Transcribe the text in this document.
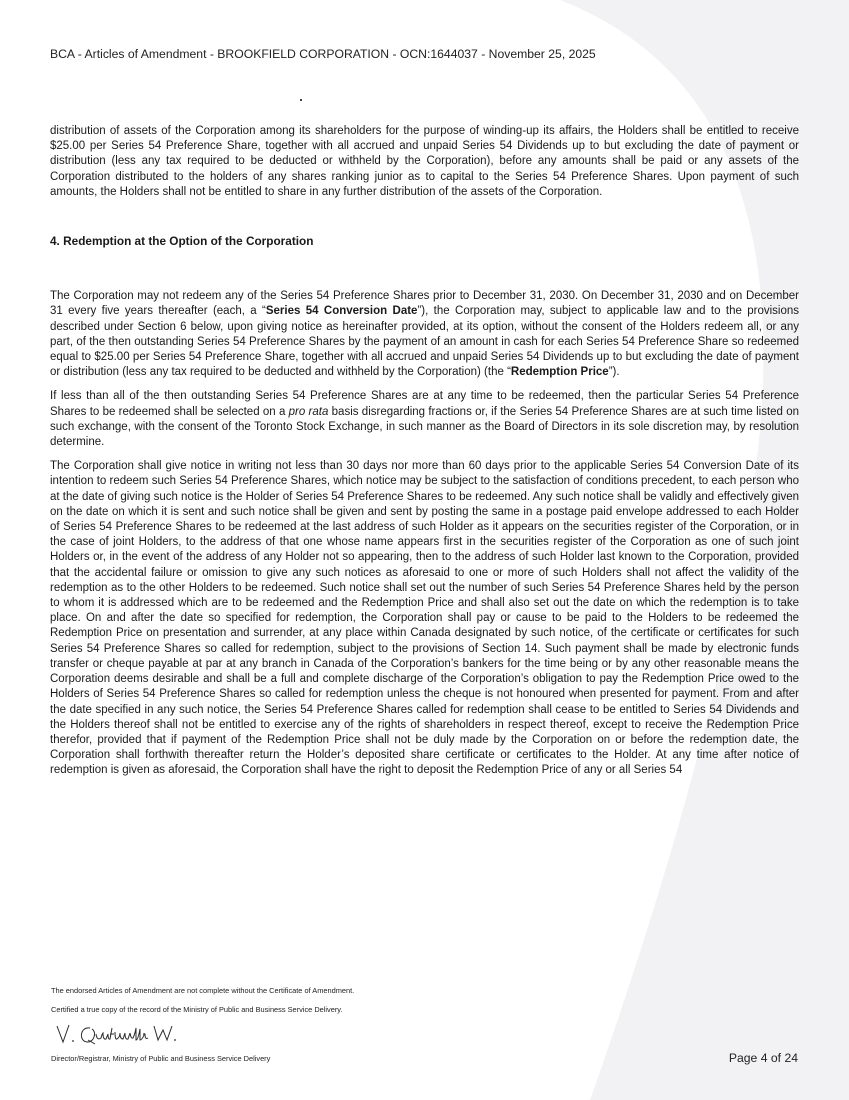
BCA - Articles of Amendment - BROOKFIELD CORPORATION - OCN:1644037 - November 25, 2025

distribution of assets of the Corporation among its shareholders for the purpose of winding-up its affairs, the Holders shall be entitled to receive $25.00 per Series 54 Preference Share, together with all accrued and unpaid Series 54 Dividends up to but excluding the date of payment or distribution (less any tax required to be deducted or withheld by the Corporation), before any amounts shall be paid or any assets of the Corporation distributed to the holders of any shares ranking junior as to capital to the Series 54 Preference Shares. Upon payment of such amounts, the Holders shall not be entitled to share in any further distribution of the assets of the Corporation.

4. Redemption at the Option of the Corporation

The Corporation may not redeem any of the Series 54 Preference Shares prior to December 31, 2030. On December 31, 2030 and on December 31 every five years thereafter (each, a “Series 54 Conversion Date”), the Corporation may, subject to applicable law and to the provisions described under Section 6 below, upon giving notice as hereinafter provided, at its option, without the consent of the Holders redeem all, or any part, of the then outstanding Series 54 Preference Shares by the payment of an amount in cash for each Series 54 Preference Share so redeemed equal to $25.00 per Series 54 Preference Share, together with all accrued and unpaid Series 54 Dividends up to but excluding the date of payment or distribution (less any tax required to be deducted and withheld by the Corporation) (the “Redemption Price”).

If less than all of the then outstanding Series 54 Preference Shares are at any time to be redeemed, then the particular Series 54 Preference Shares to be redeemed shall be selected on a pro rata basis disregarding fractions or, if the Series 54 Preference Shares are at such time listed on such exchange, with the consent of the Toronto Stock Exchange, in such manner as the Board of Directors in its sole discretion may, by resolution determine.

The Corporation shall give notice in writing not less than 30 days nor more than 60 days prior to the applicable Series 54 Conversion Date of its intention to redeem such Series 54 Preference Shares, which notice may be subject to the satisfaction of conditions precedent, to each person who at the date of giving such notice is the Holder of Series 54 Preference Shares to be redeemed. Any such notice shall be validly and effectively given on the date on which it is sent and such notice shall be given and sent by posting the same in a postage paid envelope addressed to each Holder of Series 54 Preference Shares to be redeemed at the last address of such Holder as it appears on the securities register of the Corporation, or in the case of joint Holders, to the address of that one whose name appears first in the securities register of the Corporation as one of such joint Holders or, in the event of the address of any Holder not so appearing, then to the address of such Holder last known to the Corporation, provided that the accidental failure or omission to give any such notices as aforesaid to one or more of such Holders shall not affect the validity of the redemption as to the other Holders to be redeemed. Such notice shall set out the number of such Series 54 Preference Shares held by the person to whom it is addressed which are to be redeemed and the Redemption Price and shall also set out the date on which the redemption is to take place. On and after the date so specified for redemption, the Corporation shall pay or cause to be paid to the Holders to be redeemed the Redemption Price on presentation and surrender, at any place within Canada designated by such notice, of the certificate or certificates for such Series 54 Preference Shares so called for redemption, subject to the provisions of Section 14. Such payment shall be made by electronic funds transfer or cheque payable at par at any branch in Canada of the Corporation’s bankers for the time being or by any other reasonable means the Corporation deems desirable and shall be a full and complete discharge of the Corporation’s obligation to pay the Redemption Price owed to the Holders of Series 54 Preference Shares so called for redemption unless the cheque is not honoured when presented for payment. From and after the date specified in any such notice, the Series 54 Preference Shares called for redemption shall cease to be entitled to Series 54 Dividends and the Holders thereof shall not be entitled to exercise any of the rights of shareholders in respect thereof, except to receive the Redemption Price therefor, provided that if payment of the Redemption Price shall not be duly made by the Corporation on or before the redemption date, the Corporation shall forthwith thereafter return the Holder’s deposited share certificate or certificates to the Holder. At any time after notice of redemption is given as aforesaid, the Corporation shall have the right to deposit the Redemption Price of any or all Series 54

The endorsed Articles of Amendment are not complete without the Certificate of Amendment.
Certified a true copy of the record of the Ministry of Public and Business Service Delivery.
Director/Registrar, Ministry of Public and Business Service Delivery	Page 4 of 24
